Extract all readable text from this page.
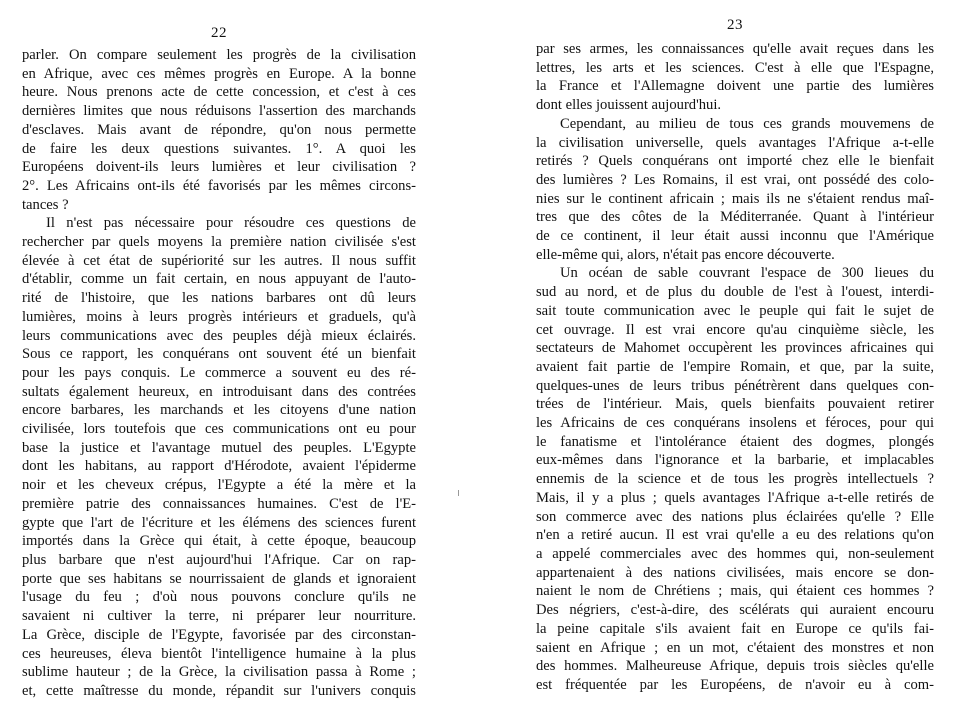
22
parler. On compare seulement les progrès de la civilisation
en Afrique, avec ces mêmes progrès en Europe. A la bonne
heure. Nous prenons acte de cette concession, et c'est à ces
dernières limites que nous réduisons l'assertion des marchands
d'esclaves. Mais avant de répondre, qu'on nous permette
de faire les deux questions suivantes. 1°. A quoi les
Européens doivent-ils leurs lumières et leur civilisation ?
2°. Les Africains ont-ils été favorisés par les mêmes circons-
tances ?
Il n'est pas nécessaire pour résoudre ces questions de
rechercher par quels moyens la première nation civilisée s'est
élevée à cet état de supériorité sur les autres. Il nous suffit
d'établir, comme un fait certain, en nous appuyant de l'auto-
rité de l'histoire, que les nations barbares ont dû leurs
lumières, moins à leurs progrès intérieurs et graduels, qu'à
leurs communications avec des peuples déjà mieux éclairés.
Sous ce rapport, les conquérans ont souvent été un bienfait
pour les pays conquis. Le commerce a souvent eu des ré-
sultats également heureux, en introduisant dans des contrées
encore barbares, les marchands et les citoyens d'une nation
civilisée, lors toutefois que ces communications ont eu pour
base la justice et l'avantage mutuel des peuples. L'Egypte
dont les habitans, au rapport d'Hérodote, avaient l'épiderme
noir et les cheveux crépus, l'Egypte a été la mère et la
première patrie des connaissances humaines. C'est de l'E-
gypte que l'art de l'écriture et les élémens des sciences furent
importés dans la Grèce qui était, à cette époque, beaucoup
plus barbare que n'est aujourd'hui l'Afrique. Car on rap-
porte que ses habitans se nourrissaient de glands et ignoraient
l'usage du feu ; d'où nous pouvons conclure qu'ils ne
savaient ni cultiver la terre, ni préparer leur nourriture.
La Grèce, disciple de l'Egypte, favorisée par des circonstan-
ces heureuses, éleva bientôt l'intelligence humaine à la plus
sublime hauteur ; de la Grèce, la civilisation passa à Rome ;
et, cette maîtresse du monde, répandit sur l'univers conquis
23
par ses armes, les connaissances qu'elle avait reçues dans les
lettres, les arts et les sciences. C'est à elle que l'Espagne,
la France et l'Allemagne doivent une partie des lumières
dont elles jouissent aujourd'hui.
Cependant, au milieu de tous ces grands mouvemens de
la civilisation universelle, quels avantages l'Afrique a-t-elle
retirés ? Quels conquérans ont importé chez elle le bienfait
des lumières ? Les Romains, il est vrai, ont possédé des colo-
nies sur le continent africain ; mais ils ne s'étaient rendus maî-
tres que des côtes de la Méditerranée. Quant à l'intérieur
de ce continent, il leur était aussi inconnu que l'Amérique
elle-même qui, alors, n'était pas encore découverte.
Un océan de sable couvrant l'espace de 300 lieues du
sud au nord, et de plus du double de l'est à l'ouest, interdi-
sait toute communication avec le peuple qui fait le sujet de
cet ouvrage. Il est vrai encore qu'au cinquième siècle, les
sectateurs de Mahomet occupèrent les provinces africaines qui
avaient fait partie de l'empire Romain, et que, par la suite,
quelques-unes de leurs tribus pénétrèrent dans quelques con-
trées de l'intérieur. Mais, quels bienfaits pouvaient retirer
les Africains de ces conquérans insolens et féroces, pour qui
le fanatisme et l'intolérance étaient des dogmes, plongés
eux-mêmes dans l'ignorance et la barbarie, et implacables
ennemis de la science et de tous les progrès intellectuels ?
Mais, il y a plus ; quels avantages l'Afrique a-t-elle retirés de
son commerce avec des nations plus éclairées qu'elle ? Elle
n'en a retiré aucun. Il est vrai qu'elle a eu des relations qu'on
a appelé commerciales avec des hommes qui, non-seulement
appartenaient à des nations civilisées, mais encore se don-
naient le nom de Chrétiens ; mais, qui étaient ces hommes ?
Des négriers, c'est-à-dire, des scélérats qui auraient encouru
la peine capitale s'ils avaient fait en Europe ce qu'ils fai-
saient en Afrique ; en un mot, c'étaient des monstres et non
des hommes. Malheureuse Afrique, depuis trois siècles qu'elle
est fréquentée par les Européens, de n'avoir eu à com-
